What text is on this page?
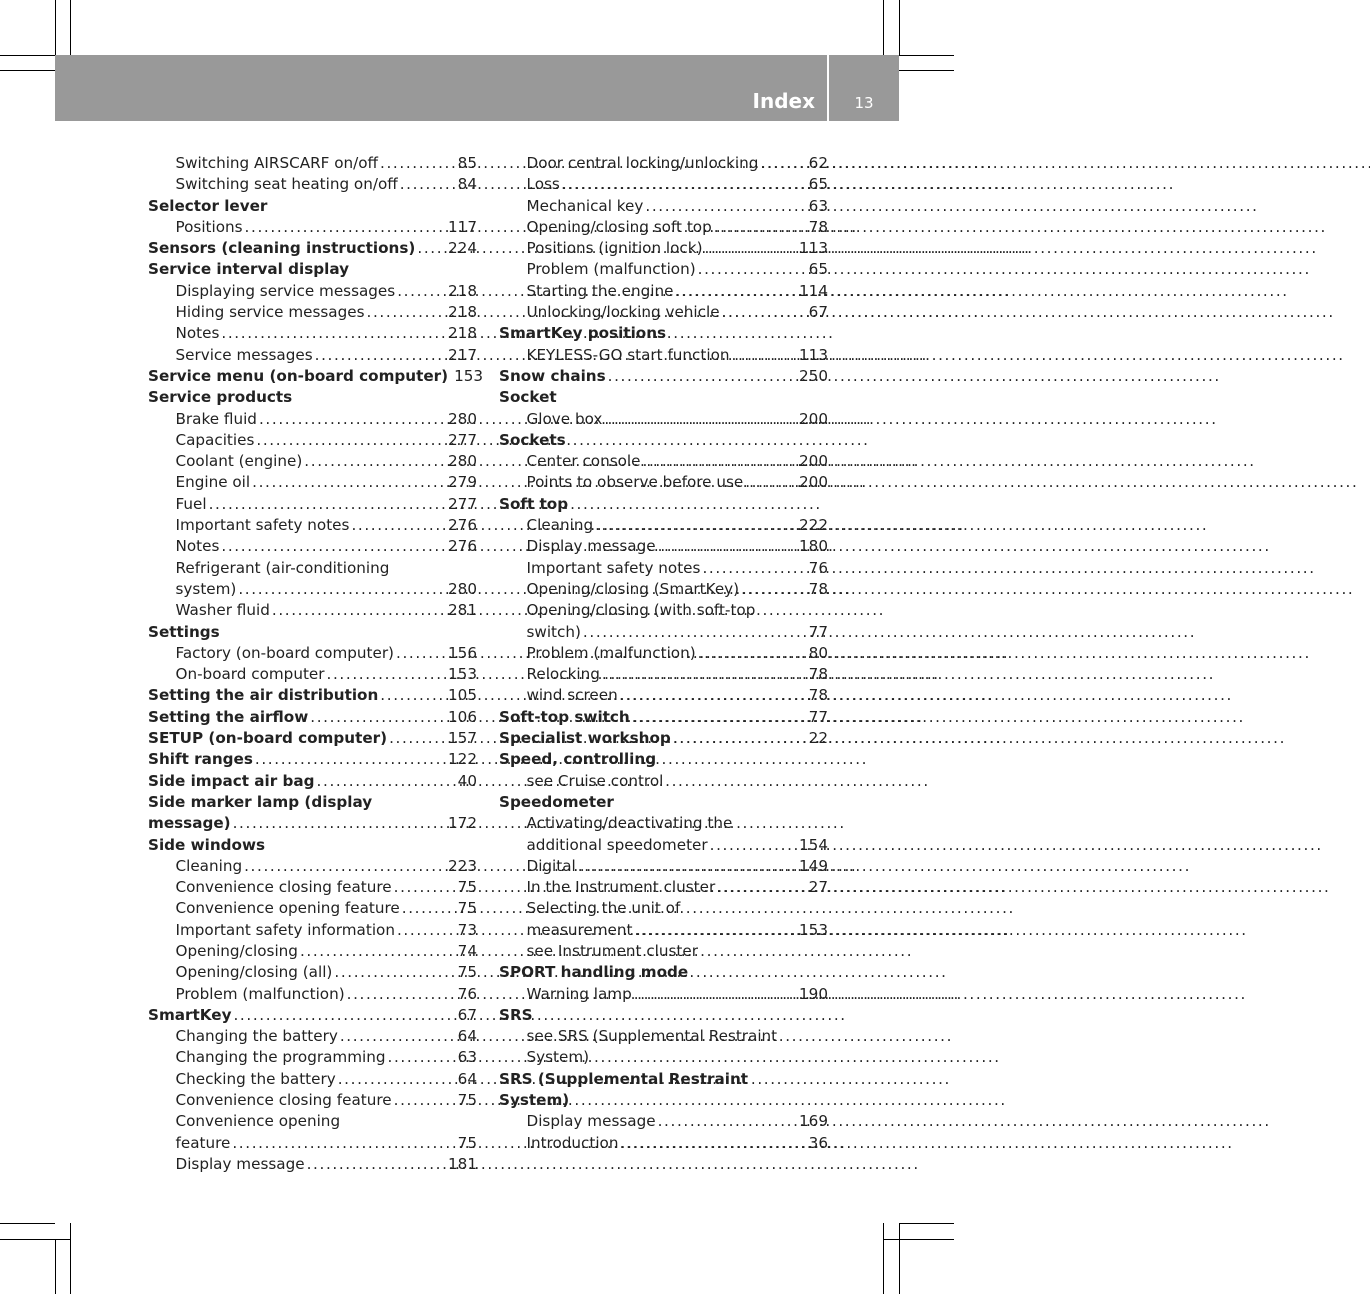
Index	13
Switching AIRSCARF on/off . . .	85
Switching seat heating on/off . . .	84
Selector lever
Positions . . .	117
Sensors (cleaning instructions) . . .	224
Service interval display
Displaying service messages . . .	218
Hiding service messages . . .	218
Notes . . .	218
Service messages . . .	217
Service menu (on-board computer) 153
Service products
Brake fluid . . .	280
Capacities . . .	277
Coolant (engine) . . .	280
Engine oil . . .	279
Fuel . . .	277
Important safety notes . . .	276
Notes . . .	276
Refrigerant (air-conditioning
system) . . .	280
Washer fluid . . .	281
Settings
Factory (on-board computer) . . .	156
On-board computer . . .	153
Setting the air distribution . . .	105
Setting the airflow . . .	106
SETUP (on-board computer) . . .	157
Shift ranges . . .	122
Side impact air bag . . .	40
Side marker lamp (display
message) . . .	172
Side windows
Cleaning . . .	223
Convenience closing feature . . .	75
Convenience opening feature . . .	75
Important safety information . . .	73
Opening/closing . . .	74
Opening/closing (all) . . .	75
Problem (malfunction) . . .	76
SmartKey . . .	67
Changing the battery . . .	64
Changing the programming . . .	63
Checking the battery . . .	64
Convenience closing feature . . .	75
Convenience opening
feature . . .	75
Display message . . .	181
Door central locking/unlocking . . .	62
Loss . . .	65
Mechanical key . . .	63
Opening/closing soft top . . .	78
Positions (ignition lock) . . .	113
Problem (malfunction) . . .	65
Starting the engine . . .	114
Unlocking/locking vehicle . . .	67
SmartKey positions
KEYLESS-GO start function . . .	113
Snow chains . . .	250
Socket
Glove box . . .	200
Sockets
Center console . . .	200
Points to observe before use . . .	200
Soft top
Cleaning . . .	222
Display message . . .	180
Important safety notes . . .	76
Opening/closing (SmartKey) . . .	78
Opening/closing (with soft-top
switch) . . .	77
Problem (malfunction) . . .	80
Relocking . . .	78
wind screen . . .	78
Soft-top switch . . .	77
Specialist workshop . . .	22
Speed, controlling
see Cruise control
Speedometer
Activating/deactivating the
additional speedometer . . .	154
Digital . . .	149
In the Instrument cluster . . .	27
Selecting the unit of
measurement . . .	153
see Instrument cluster
SPORT handling mode
Warning lamp . . .	190
SRS
see SRS (Supplemental Restraint
System)
SRS (Supplemental Restraint
System)
Display message . . .	169
Introduction . . .	36
